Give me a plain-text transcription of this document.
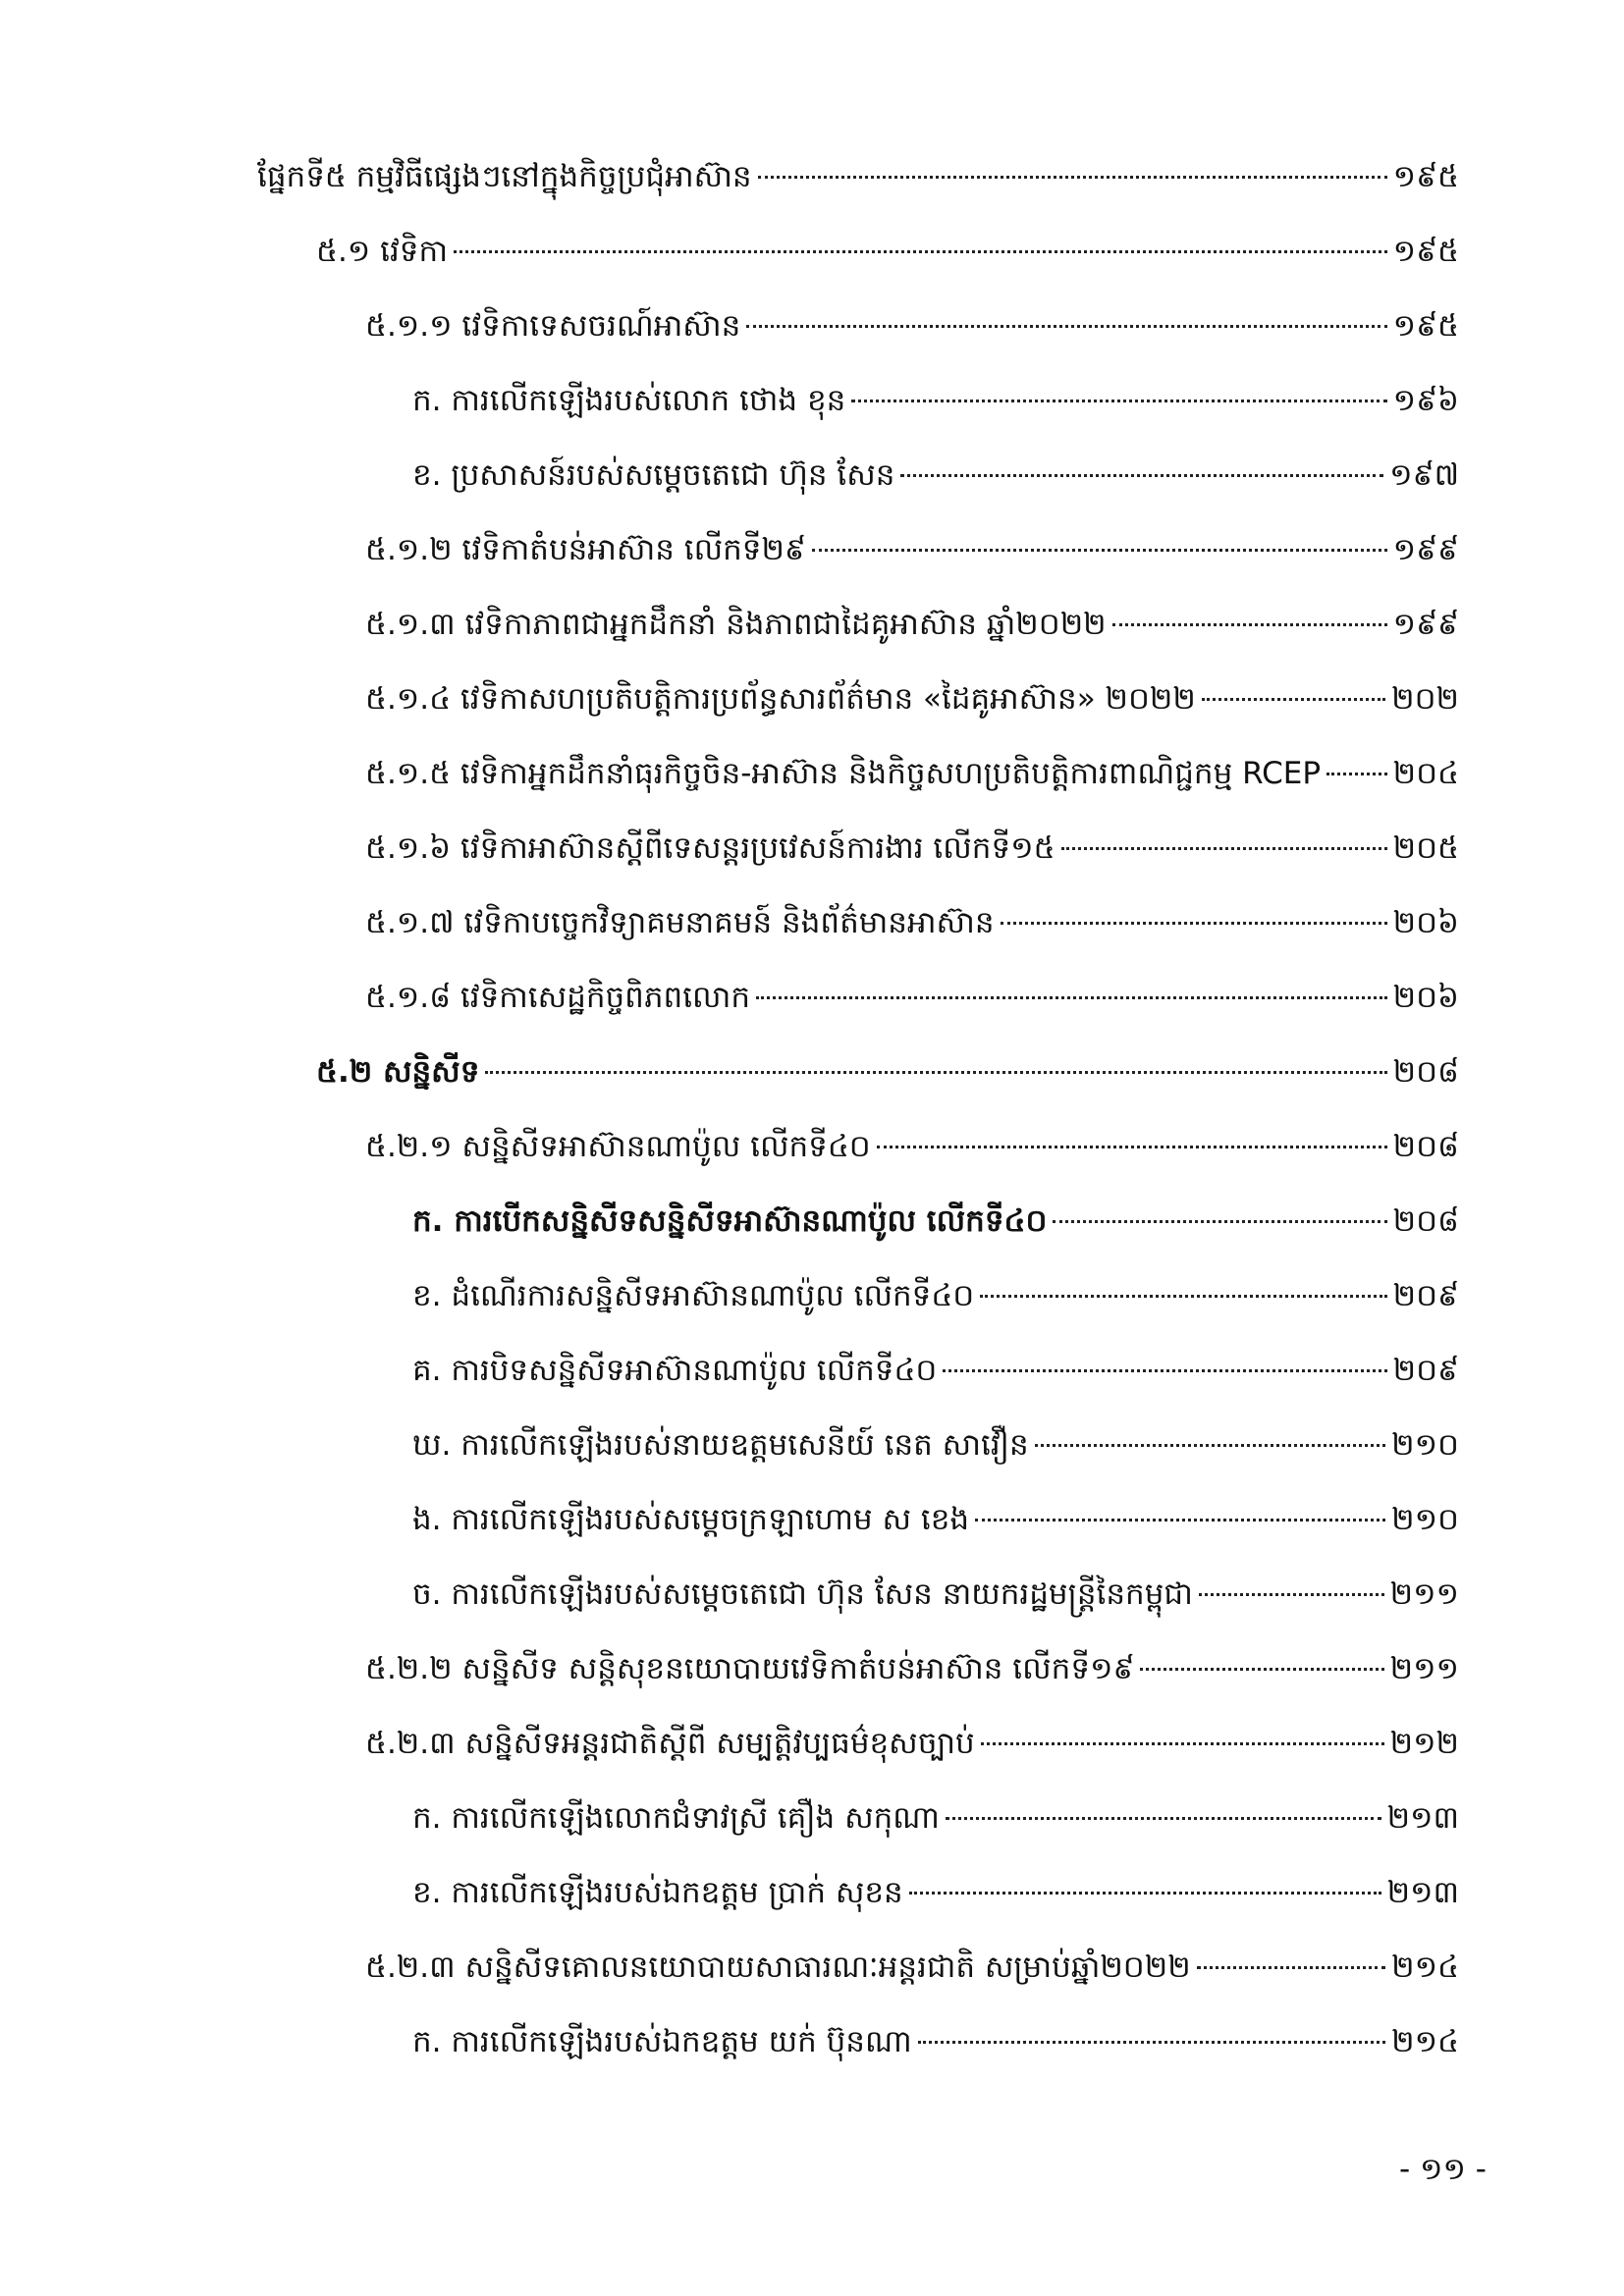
ផ្នែកទី៥ កម្មវិធីផ្សេងៗនៅក្នុងកិច្ចប្រជុំអាស៊ាន	១៩៥
៥.១ វេទិកា	១៩៥
៥.១.១ វេទិកាទេសចរណ៍អាស៊ាន	១៩៥
ក. ការលើកឡើងរបស់លោក ថោង ខុន	១៩៦
ខ. ប្រសាសន៍របស់សម្តេចតេជោ ហ៊ុន សែន	១៩៧
៥.១.២ វេទិកាតំបន់អាស៊ាន លើកទី២៩	១៩៩
៥.១.៣ វេទិកាភាពជាអ្នកដឹកនាំ និងភាពជាដៃគូអាស៊ាន ឆ្នាំ២០២២	១៩៩
៥.១.៤ វេទិកាសហប្រតិបត្តិការប្រព័ន្ធសារព័ត៌មាន «ដៃគូអាស៊ាន» ២០២២	២០២
៥.១.៥ វេទិកាអ្នកដឹកនាំធុរកិច្ចចិន-អាស៊ាន និងកិច្ចសហប្រតិបត្តិការពាណិជ្ជកម្ម RCEP ២០៤
៥.១.៦ វេទិកាអាស៊ានស្តីពីទេសន្តរប្រវេសន៍ការងារ លើកទី១៥	២០៥
៥.១.៧ វេទិកាបច្ចេកវិទ្យាគមនាគមន៍ និងព័ត៌មានអាស៊ាន	២០៦
៥.១.៨ វេទិកាសេដ្ឋកិច្ចពិភពលោក	២០៦
៥.២ សន្និសីទ	២០៨
៥.២.១ សន្និសីទអាស៊ានណាប៉ូល លើកទី៤០	២០៨
ក. ការបើកសន្និសីទសន្និសីទអាស៊ានណាប៉ូល លើកទី៤០	២០៨
ខ. ដំណើរការសន្និសីទអាស៊ានណាប៉ូល លើកទី៤០	២០៩
គ. ការបិទសន្និសីទអាស៊ានណាប៉ូល លើកទី៤០	២០៩
ឃ. ការលើកឡើងរបស់នាយឧត្តមសេនីយ៍ នេត សាវឿន	២១០
ង. ការលើកឡើងរបស់សម្តេចក្រឡាហោម ស ខេង	២១០
ច. ការលើកឡើងរបស់សម្តេចតេជោ ហ៊ុន សែន នាយករដ្ឋមន្ត្រីនៃកម្ពុជា	២១១
៥.២.២ សន្និសីទ សន្តិសុខនយោបាយវេទិកាតំបន់អាស៊ាន លើកទី១៩	២១១
៥.២.៣ សន្និសីទអន្តរជាតិស្តីពី សម្បត្តិវប្បធម៌ខុសច្បាប់	២១២
ក. ការលើកឡើងលោកជំទាវស្រី គឿង សកុណា	២១៣
ខ. ការលើកឡើងរបស់ឯកឧត្តម ប្រាក់ សុខន	២១៣
៥.២.៣ សន្និសីទគោលនយោបាយសាធារណៈអន្តរជាតិ សម្រាប់ឆ្នាំ២០២២	២១៤
ក. ការលើកឡើងរបស់ឯកឧត្តម យក់ ប៊ុនណា	២១៤
- ១១ -
